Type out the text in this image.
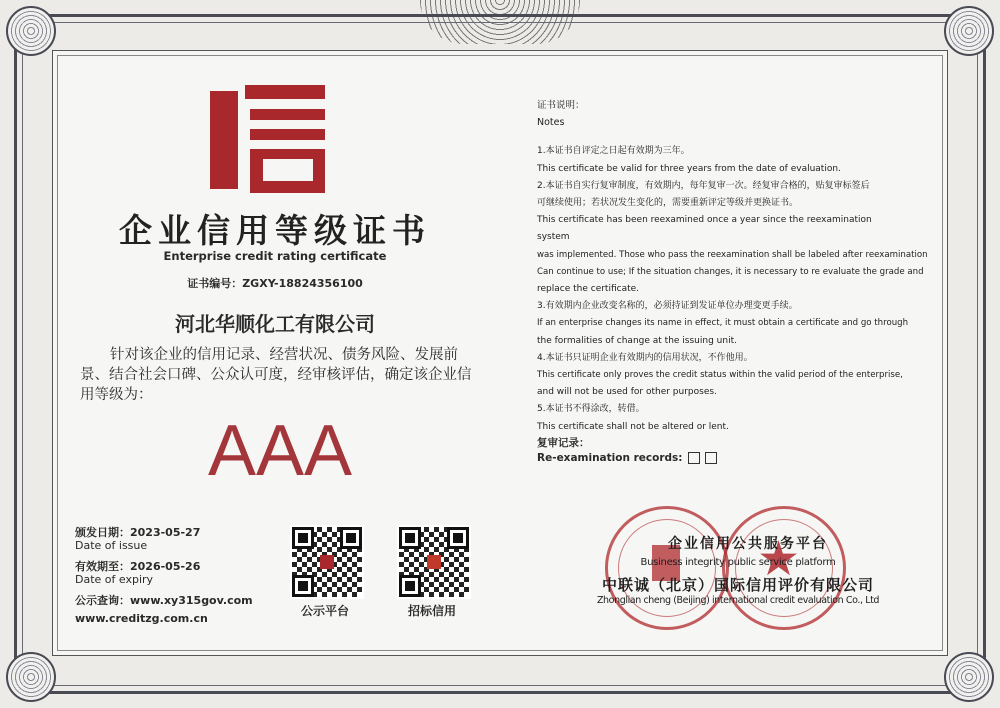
企业信用等级证书
Enterprise credit rating certificate
证书编号：ZGXY-18824356100
河北华顺化工有限公司
针对该企业的信用记录、经营状况、债务风险、发展前景、结合社会口碑、公众认可度，经审核评估，确定该企业信用等级为：
AAA
颁发日期：2023-05-27
Date of issue
有效期至：2026-05-26
Date of expiry
公示查询：www.xy315gov.com
www.creditzg.com.cn
公示平台	招标信用
证书说明：
Notes
1.本证书自评定之日起有效期为三年。
This certificate be valid for three years from the date of evaluation.
2.本证书自实行复审制度，有效期内，每年复审一次。经复审合格的，贴复审标签后
可继续使用；若状况发生变化的，需要重新评定等级并更换证书。
This certificate has been reexamined once a year since the reexamination system
was implemented. Those who pass the reexamination shall be labeled after reexamination
Can continue to use; If the situation changes, it is necessary to re evaluate the grade and
replace the certificate.
3.有效期内企业改变名称的，必须持证到发证单位办理变更手续。
If an enterprise changes its name in effect, it must obtain a certificate and go through
the formalities of change at the issuing unit.
4.本证书只证明企业有效期内的信用状况，不作他用。
This certificate only proves the credit status within the valid period of the enterprise,
and will not be used for other purposes.
5.本证书不得涂改，转借。
This certificate shall not be altered or lent.
复审记录：
Re-examination records:
★
企业信用公共服务平台
Business integrity public service platform
中联诚（北京）国际信用评价有限公司
Zhonglian cheng (Beijing) international credit evaluation Co., Ltd
